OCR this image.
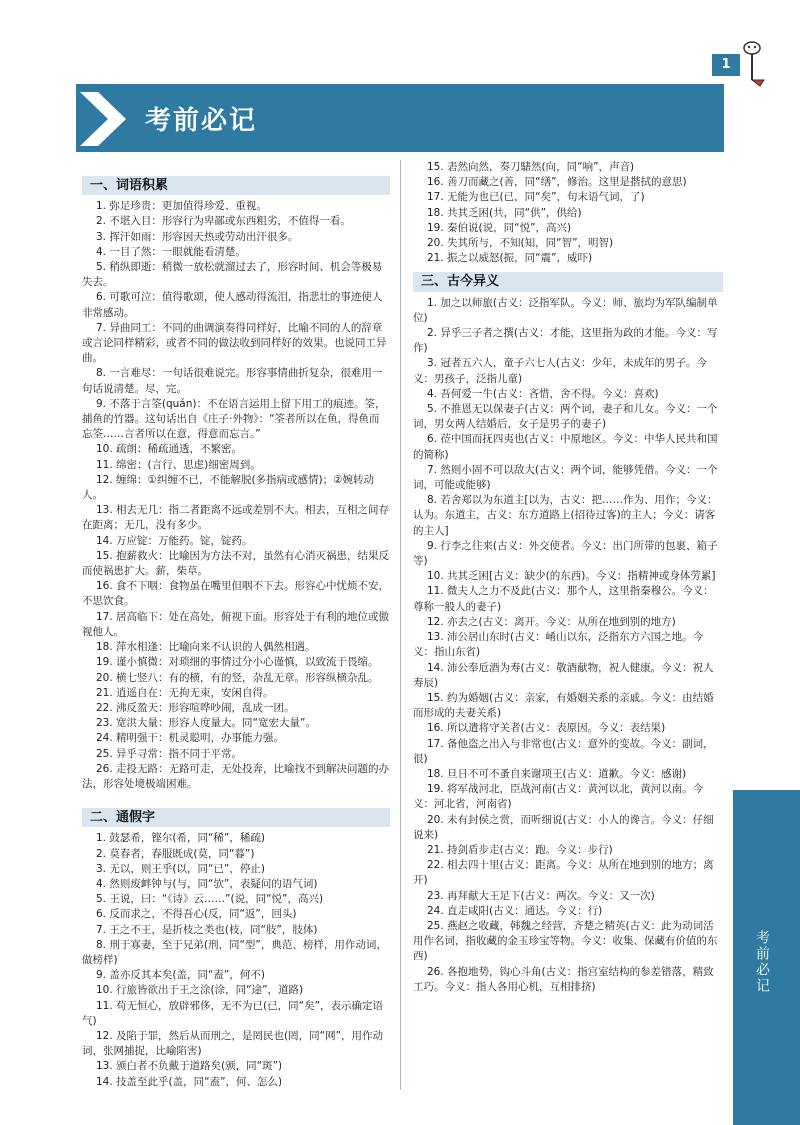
1
考前必记
一、词语积累

1. 弥足珍贵：更加值得珍爱、重视。

2. 不堪入目：形容行为卑鄙或东西粗劣，不值得一看。

3. 挥汗如雨：形容因天热或劳动出汗很多。

4. 一目了然：一眼就能看清楚。

5. 稍纵即逝：稍微一放松就溜过去了，形容时间、机会等极易失去。

6. 可歌可泣：值得歌颂，使人感动得流泪，指悲壮的事迹使人非常感动。

7. 异曲同工：不同的曲调演奏得同样好，比喻不同的人的辞章或言论同样精彩，或者不同的做法收到同样好的效果。也说同工异曲。

8. 一言难尽：一句话很难说完。形容事情曲折复杂，很难用一句话说清楚。尽，完。

9. 不落于言筌(quán)：不在语言运用上留下用工的痕迹。筌，捕鱼的竹器。这句话出自《庄子·外物》：“筌者所以在鱼，得鱼而忘筌……言者所以在意，得意而忘言。”

10. 疏朗：稀疏通透，不繁密。

11. 绵密：(言行、思虑)细密周到。

12. 缠绵：①纠缠不已，不能解脱(多指病或感情)；②婉转动人。

13. 相去无几：指二者距离不远或差别不大。相去，互相之间存在距离；无几，没有多少。

14. 万应锭：万能药。锭，锭药。

15. 抱薪救火：比喻因为方法不对，虽然有心消灭祸患，结果反而使祸患扩大。薪，柴草。

16. 食不下咽：食物虽在嘴里但咽不下去。形容心中忧烦不安，不思饮食。

17. 居高临下：处在高处，俯视下面。形容处于有利的地位或傲视他人。

18. 萍水相逢：比喻向来不认识的人偶然相遇。

19. 谨小慎微：对琐细的事情过分小心谨慎，以致流于畏缩。

20. 横七竖八：有的横，有的竖，杂乱无章。形容纵横杂乱。

21. 逍遥自在：无拘无束，安闲自得。

22. 沸反盈天：形容喧哗吵闹，乱成一团。

23. 宽洪大量：形容人度量大。同“宽宏大量”。

24. 精明强干：机灵聪明，办事能力强。

25. 异乎寻常：指不同于平常。

26. 走投无路：无路可走，无处投奔，比喻找不到解决问题的办法，形容处境极端困难。

二、通假字

1. 鼓瑟希，铿尔(希，同“稀”，稀疏)

2. 莫春者，春服既成(莫，同“暮”)

3. 无以，则王乎(以，同“已”，停止)

4. 然则废衅钟与(与，同“欤”，表疑问的语气词)

5. 王说，曰：“《诗》云……”(说，同“悦”，高兴)

6. 反而求之，不得吾心(反，同“返”，回头)

7. 王之不王，是折枝之类也(枝，同“肢”，肢体)

8. 刑于寡妻，至于兄弟(刑，同“型”，典范、榜样，用作动词，做榜样)

9. 盖亦反其本矣(盖，同“盍”，何不)

10. 行旅皆欲出于王之涂(涂，同“途”，道路)

11. 苟无恒心，放辟邪侈，无不为已(已，同“矣”，表示确定语气)

12. 及陷于罪，然后从而刑之，是罔民也(罔，同“网”，用作动词，张网捕捉，比喻陷害)

13. 颁白者不负戴于道路矣(颁，同“斑”)

14. 技盖至此乎(盖，同“盍”，何、怎么)

15. 砉然向然，奏刀騞然(向，同“响”，声音)

16. 善刀而藏之(善，同“缮”，修治。这里是揩拭的意思)

17. 无能为也已(已，同“矣”，句末语气词，了)

18. 共其乏困(共，同“供”，供给)

19. 秦伯说(说，同“悦”，高兴)

20. 失其所与，不知(知，同“智”，明智)

21. 振之以威怒(振，同“震”，威吓)

三、古今异义

1. 加之以师旅(古义：泛指军队。今义：师、旅均为军队编制单位)

2. 异乎三子者之撰(古义：才能，这里指为政的才能。今义：写作)

3. 冠者五六人，童子六七人(古义：少年，未成年的男子。今义：男孩子，泛指儿童)

4. 吾何爱一牛(古义：吝惜，舍不得。今义：喜欢)

5. 不推恩无以保妻子(古义：两个词，妻子和儿女。今义：一个词，男女两人结婚后，女子是男子的妻子)

6. 莅中国而抚四夷也(古义：中原地区。今义：中华人民共和国的简称)

7. 然则小固不可以敌大(古义：两个词，能够凭借。今义：一个词，可能或能够)

8. 若舍郑以为东道主[以为，古义：把……作为、用作；今义：认为。东道主，古义：东方道路上(招待过客)的主人；今义：请客的主人]

9. 行李之往来(古义：外交使者。今义：出门所带的包裹、箱子等)

10. 共其乏困[古义：缺少(的东西)。今义：指精神或身体劳累]

11. 微夫人之力不及此(古义：那个人，这里指秦穆公。今义：尊称一般人的妻子)

12. 亦去之(古义：离开。今义：从所在地到别的地方)

13. 沛公居山东时(古义：崤山以东，泛指东方六国之地。今义：指山东省)

14. 沛公奉卮酒为寿(古义：敬酒献物，祝人健康。今义：祝人寿辰)

15. 约为婚姻(古义：亲家，有婚姻关系的亲戚。今义：由结婚而形成的夫妻关系)

16. 所以遣将守关者(古义：表原因。今义：表结果)

17. 备他盗之出入与非常也(古义：意外的变故。今义：副词，很)

18. 旦日不可不蚤自来谢项王(古义：道歉。今义：感谢)

19. 将军战河北，臣战河南(古义：黄河以北，黄河以南。今义：河北省，河南省)

20. 未有封侯之赏，而听细说(古义：小人的谗言。今义：仔细说来)

21. 持剑盾步走(古义：跑。今义：步行)

22. 相去四十里(古义：距离。今义：从所在地到别的地方；离开)

23. 再拜献大王足下(古义：两次。今义：又一次)

24. 直走咸阳(古义：通达。今义：行)

25. 燕赵之收藏，韩魏之经营，齐楚之精英(古义：此为动词活用作名词，指收藏的金玉珍宝等物。今义：收集、保藏有价值的东西)

26. 各抱地势，钩心斗角(古义：指宫室结构的参差错落，精致工巧。今义：指人各用心机，互相排挤)	考前必记
